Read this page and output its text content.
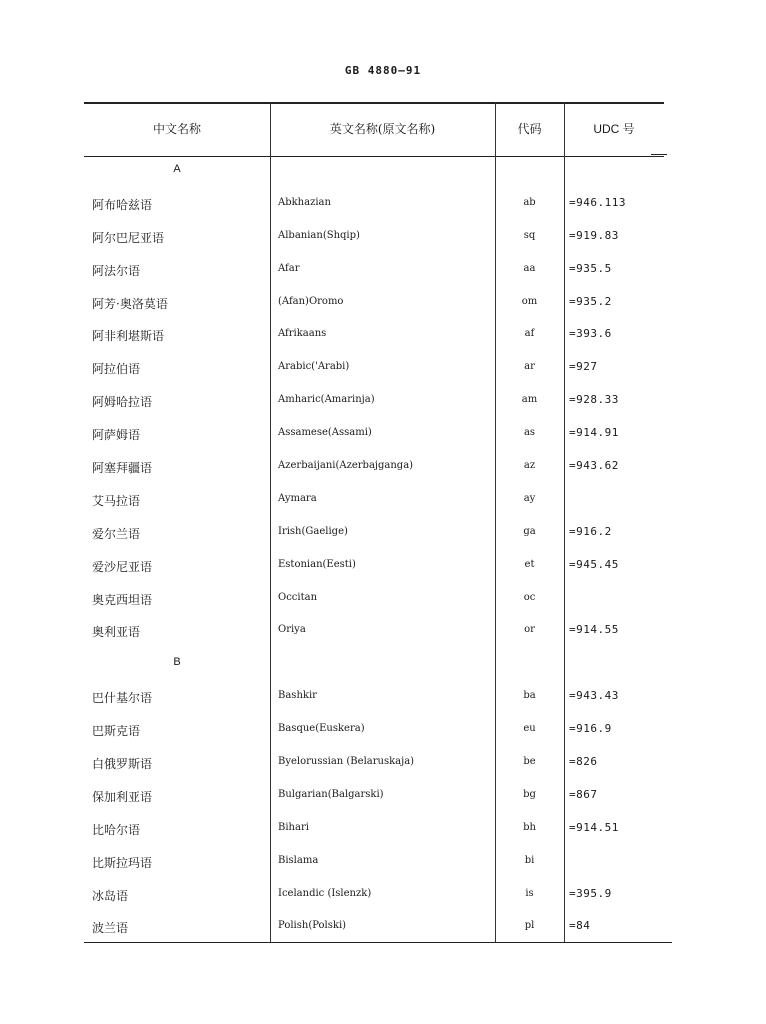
GB 4880—91
中文名称	英文名称(原文名称)	代码	UDC 号
A
阿布哈兹语	Abkhazian	ab	=946.113
阿尔巴尼亚语	Albanian(Shqip)	sq	=919.83
阿法尔语	Afar	aa	=935.5
阿芳·奥洛莫语	(Afan)Oromo	om	=935.2
阿非利堪斯语	Afrikaans	af	=393.6
阿拉伯语	Arabic('Arabi)	ar	=927
阿姆哈拉语	Amharic(Amarinja)	am	=928.33
阿萨姆语	Assamese(Assami)	as	=914.91
阿塞拜疆语	Azerbaijani(Azerbajganga)	az	=943.62
艾马拉语	Aymara	ay
爱尔兰语	Irish(Gaelige)	ga	=916.2
爱沙尼亚语	Estonian(Eesti)	et	=945.45
奥克西坦语	Occitan	oc
奥利亚语	Oriya	or	=914.55
B
巴什基尔语	Bashkir	ba	=943.43
巴斯克语	Basque(Euskera)	eu	=916.9
白俄罗斯语	Byelorussian (Belaruskaja)	be	=826
保加利亚语	Bulgarian(Balgarski)	bg	=867
比哈尔语	Bihari	bh	=914.51
比斯拉玛语	Bislama	bi
冰岛语	Icelandic (Islenzk)	is	=395.9
波兰语	Polish(Polski)	pl	=84
